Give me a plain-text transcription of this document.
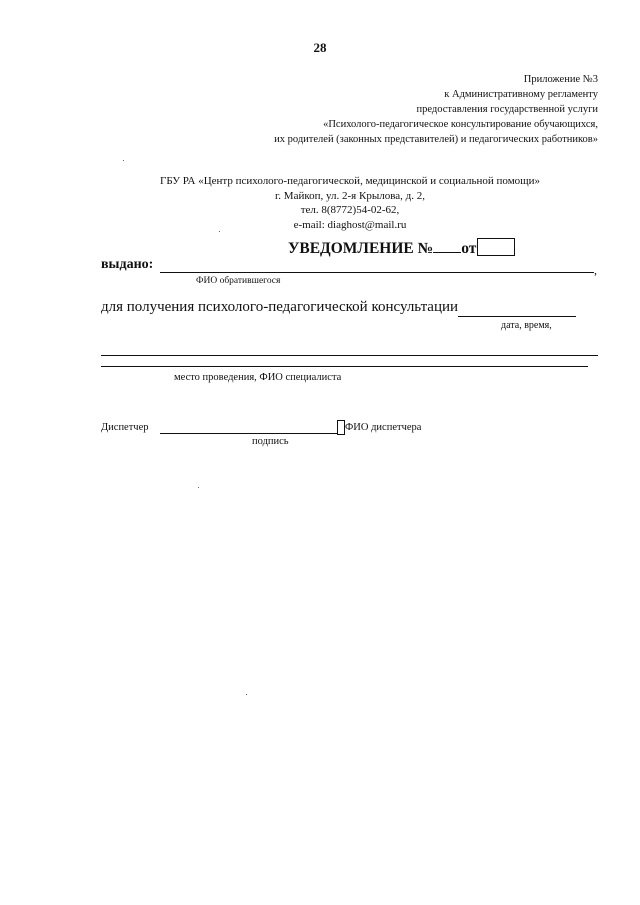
28
Приложение №3
к Административному регламенту
предоставления государственной услуги
«Психолого-педагогическое консультирование обучающихся,
их родителей (законных представителей) и педагогических работников»
ГБУ РА «Центр психолого-педагогической, медицинской и социальной помощи»
г. Майкоп, ул. 2-я Крылова, д. 2,
тел. 8(8772)54-02-62,
e-mail: diaghost@mail.ru
УВЕДОМЛЕНИЕ № от
выдано:	,
ФИО обратившегося
для получения психолого-педагогической консультации
дата, время,
место проведения, ФИО специалиста
Диспетчер	ФИО диспетчера
подпись
